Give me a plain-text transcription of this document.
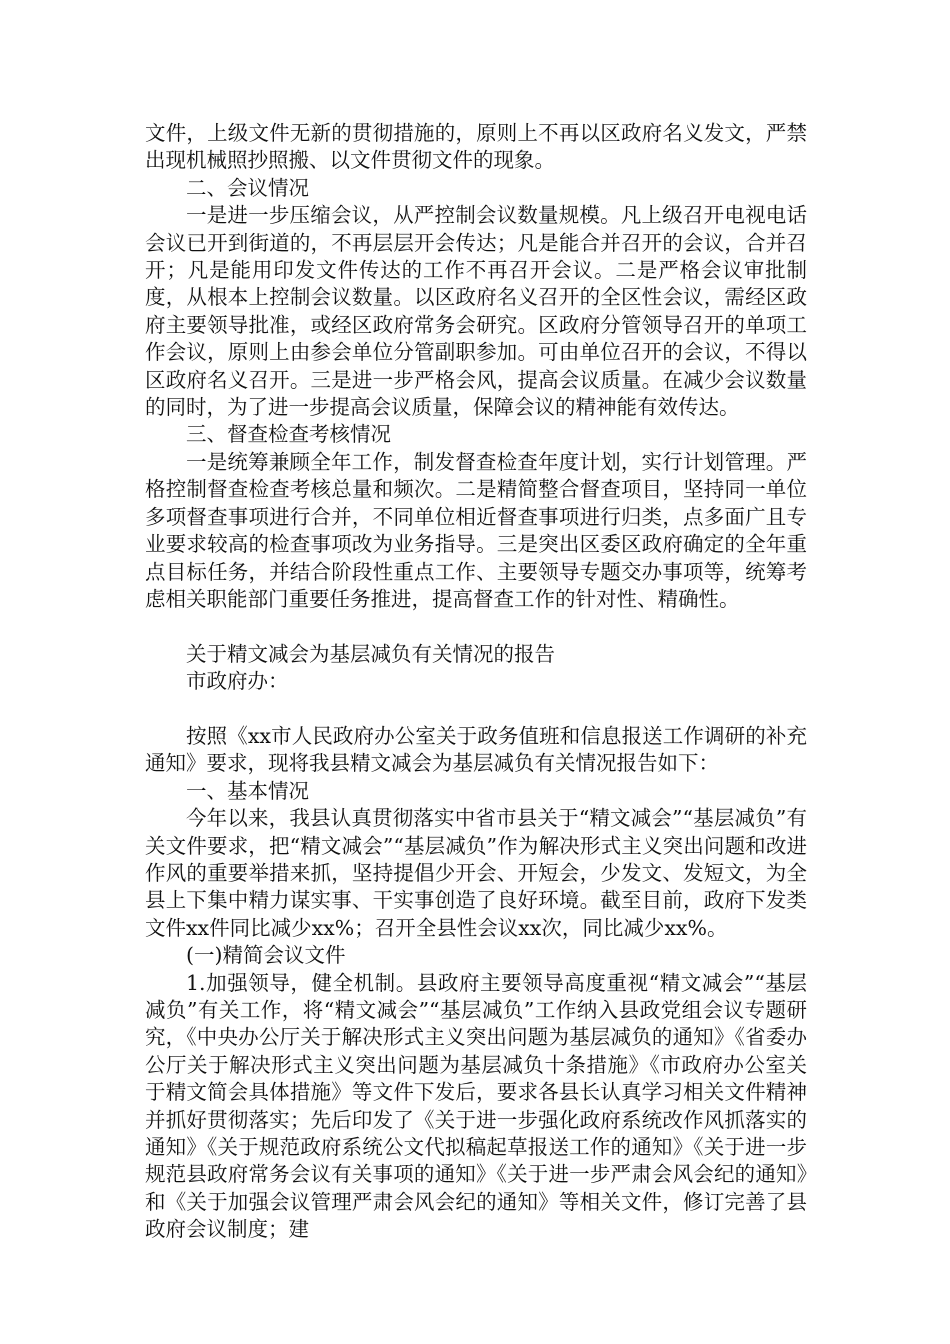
文件，上级文件无新的贯彻措施的，原则上不再以区政府名义发文，严禁出现机械照抄照搬、以文件贯彻文件的现象。

二、会议情况

一是进一步压缩会议，从严控制会议数量规模。凡上级召开电视电话会议已开到街道的，不再层层开会传达；凡是能合并召开的会议，合并召开；凡是能用印发文件传达的工作不再召开会议。二是严格会议审批制度，从根本上控制会议数量。以区政府名义召开的全区性会议，需经区政府主要领导批准，或经区政府常务会研究。区政府分管领导召开的单项工作会议，原则上由参会单位分管副职参加。可由单位召开的会议，不得以区政府名义召开。三是进一步严格会风，提高会议质量。在减少会议数量的同时，为了进一步提高会议质量，保障会议的精神能有效传达。

三、督查检查考核情况

一是统筹兼顾全年工作，制发督查检查年度计划，实行计划管理。严格控制督查检查考核总量和频次。二是精简整合督查项目，坚持同一单位多项督查事项进行合并，不同单位相近督查事项进行归类，点多面广且专业要求较高的检查事项改为业务指导。三是突出区委区政府确定的全年重点目标任务，并结合阶段性重点工作、主要领导专题交办事项等，统筹考虑相关职能部门重要任务推进，提高督查工作的针对性、精确性。

关于精文减会为基层减负有关情况的报告

市政府办：

按照《xx市人民政府办公室关于政务值班和信息报送工作调研的补充通知》要求，现将我县精文减会为基层减负有关情况报告如下：

一、基本情况

今年以来，我县认真贯彻落实中省市县关于“精文减会”“基层减负”有关文件要求，把“精文减会”“基层减负”作为解决形式主义突出问题和改进作风的重要举措来抓，坚持提倡少开会、开短会，少发文、发短文，为全县上下集中精力谋实事、干实事创造了良好环境。截至目前，政府下发类文件xx件同比减少xx%；召开全县性会议xx次，同比减少xx%。

(一)精简会议文件

1.加强领导，健全机制。县政府主要领导高度重视“精文减会”“基层减负”有关工作，将“精文减会”“基层减负”工作纳入县政党组会议专题研究，《中央办公厅关于解决形式主义突出问题为基层减负的通知》《省委办公厅关于解决形式主义突出问题为基层减负十条措施》《市政府办公室关于精文简会具体措施》等文件下发后，要求各县长认真学习相关文件精神并抓好贯彻落实；先后印发了《关于进一步强化政府系统改作风抓落实的通知》《关于规范政府系统公文代拟稿起草报送工作的通知》《关于进一步规范县政府常务会议有关事项的通知》《关于进一步严肃会风会纪的通知》和《关于加强会议管理严肃会风会纪的通知》等相关文件，修订完善了县政府会议制度；建
